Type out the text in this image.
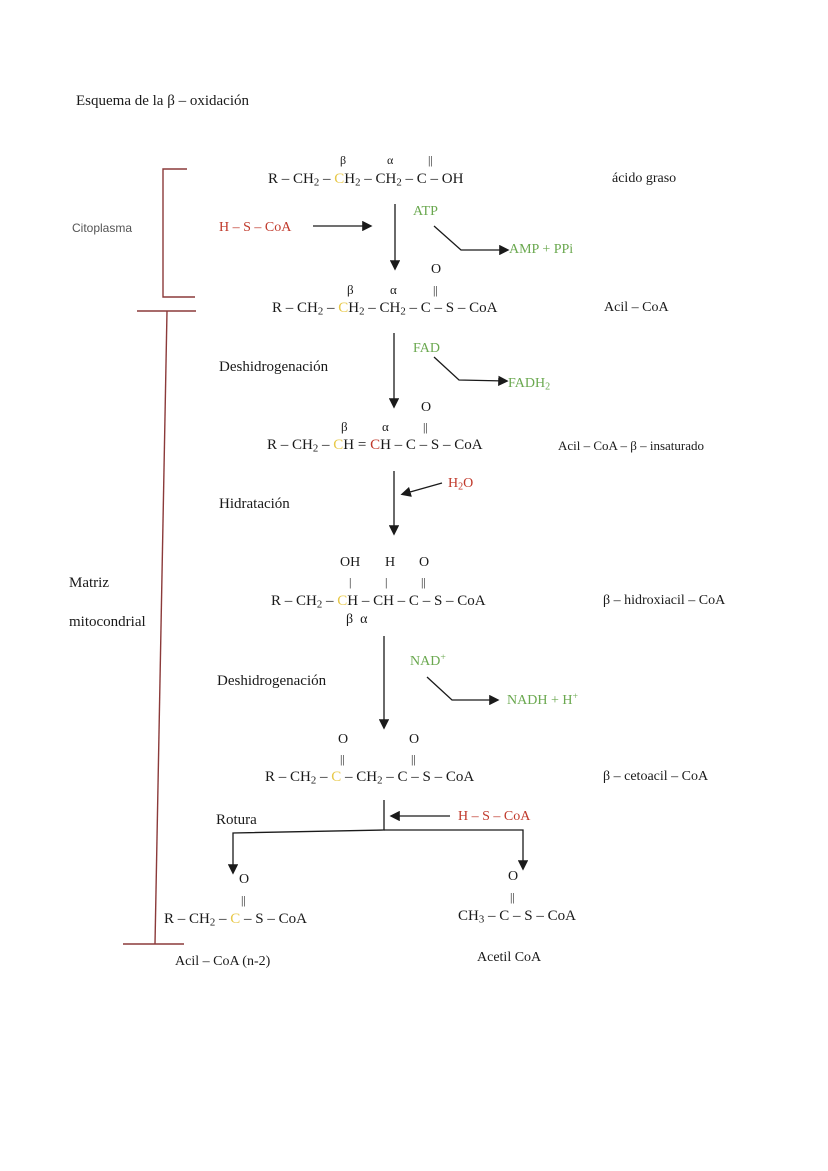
Esquema de la β – oxidación
Citoplasma
Matriz
mitocondrial
β	α	||
R – $CH_2 - CH_2 - CH_2$ – C – OH	ácido graso
H – S – CoA
ATP
AMP + PPi
O
β	α	||
R – $CH_2 - CH_2 - CH_2$ – C – S – CoA	Acil – CoA
Deshidrogenación
FAD
$FADH_2$
O
β	α	||
R – $CH_2$ – CH = CH – C – S – CoA	Acil – CoA – β – insaturado
$H_2O$
Hidratación
OH H O
|	|	||
R – $CH_2$ – CH – CH – C – S – CoA
β  α
β – hidroxiacil – CoA
NAD+
Deshidrogenación
NADH + H+
O	O
||	||
R – $CH_2$ – C – $CH_2$ – C – S – CoA	β – cetoacil – CoA
Rotura	H – S – CoA
O
||
R – $CH_2$ – C – S – CoA
Acil – CoA (n-2)
O
||
$CH_3$ – C – S – CoA
Acetil CoA
